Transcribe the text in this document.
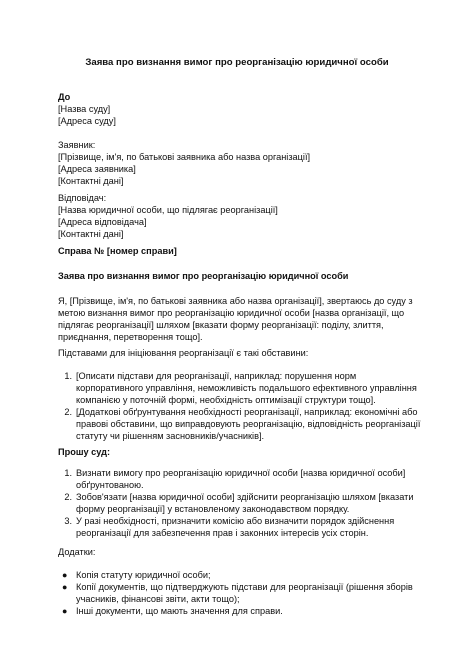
Заява про визнання вимог про реорганізацію юридичної особи
До
[Назва суду]
[Адреса суду]
Заявник:
[Прізвище, ім'я, по батькові заявника або назва організації]
[Адреса заявника]
[Контактні дані]
Відповідач:
[Назва юридичної особи, що підлягає реорганізації]
[Адреса відповідача]
[Контактні дані]
Справа № [номер справи]
Заява про визнання вимог про реорганізацію юридичної особи
Я, [Прізвище, ім'я, по батькові заявника або назва організації], звертаюсь до суду з
метою визнання вимог про реорганізацію юридичної особи [назва організації, що
підлягає реорганізації] шляхом [вказати форму реорганізації: поділу, злиття,
приєднання, перетворення тощо].
Підставами для ініціювання реорганізації є такі обставини:
1. [Описати підстави для реорганізації, наприклад: порушення норм
корпоративного управління, неможливість подальшого ефективного управління
компанією у поточній формі, необхідність оптимізації структури тощо].
2. [Додаткові обґрунтування необхідності реорганізації, наприклад: економічні або
правові обставини, що виправдовують реорганізацію, відповідність реорганізації
статуту чи рішенням засновників/учасників].
Прошу суд:
1. Визнати вимогу про реорганізацію юридичної особи [назва юридичної особи]
обґрунтованою.
2. Зобов'язати [назва юридичної особи] здійснити реорганізацію шляхом [вказати
форму реорганізації] у встановленому законодавством порядку.
3. У разі необхідності, призначити комісію або визначити порядок здійснення
реорганізації для забезпечення прав і законних інтересів усіх сторін.
Додатки:
● Копія статуту юридичної особи;
● Копії документів, що підтверджують підстави для реорганізації (рішення зборів
учасників, фінансові звіти, акти тощо);
● Інші документи, що мають значення для справи.
